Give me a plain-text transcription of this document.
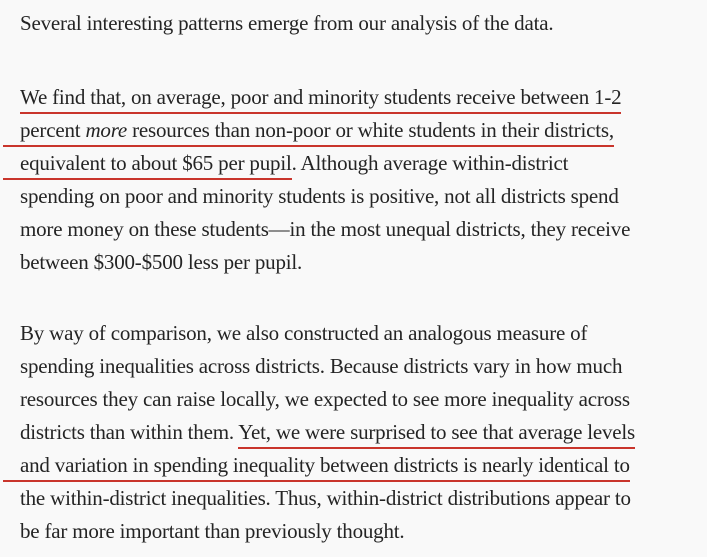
Several interesting patterns emerge from our analysis of the data.
We find that, on average, poor and minority students receive between 1-2
percent more resources than non-poor or white students in their districts,
equivalent to about $65 per pupil. Although average within-district
spending on poor and minority students is positive, not all districts spend
more money on these students—in the most unequal districts, they receive
between $300-$500 less per pupil.
By way of comparison, we also constructed an analogous measure of
spending inequalities across districts. Because districts vary in how much
resources they can raise locally, we expected to see more inequality across
districts than within them. Yet, we were surprised to see that average levels
and variation in spending inequality between districts is nearly identical to
the within-district inequalities. Thus, within-district distributions appear to
be far more important than previously thought.
